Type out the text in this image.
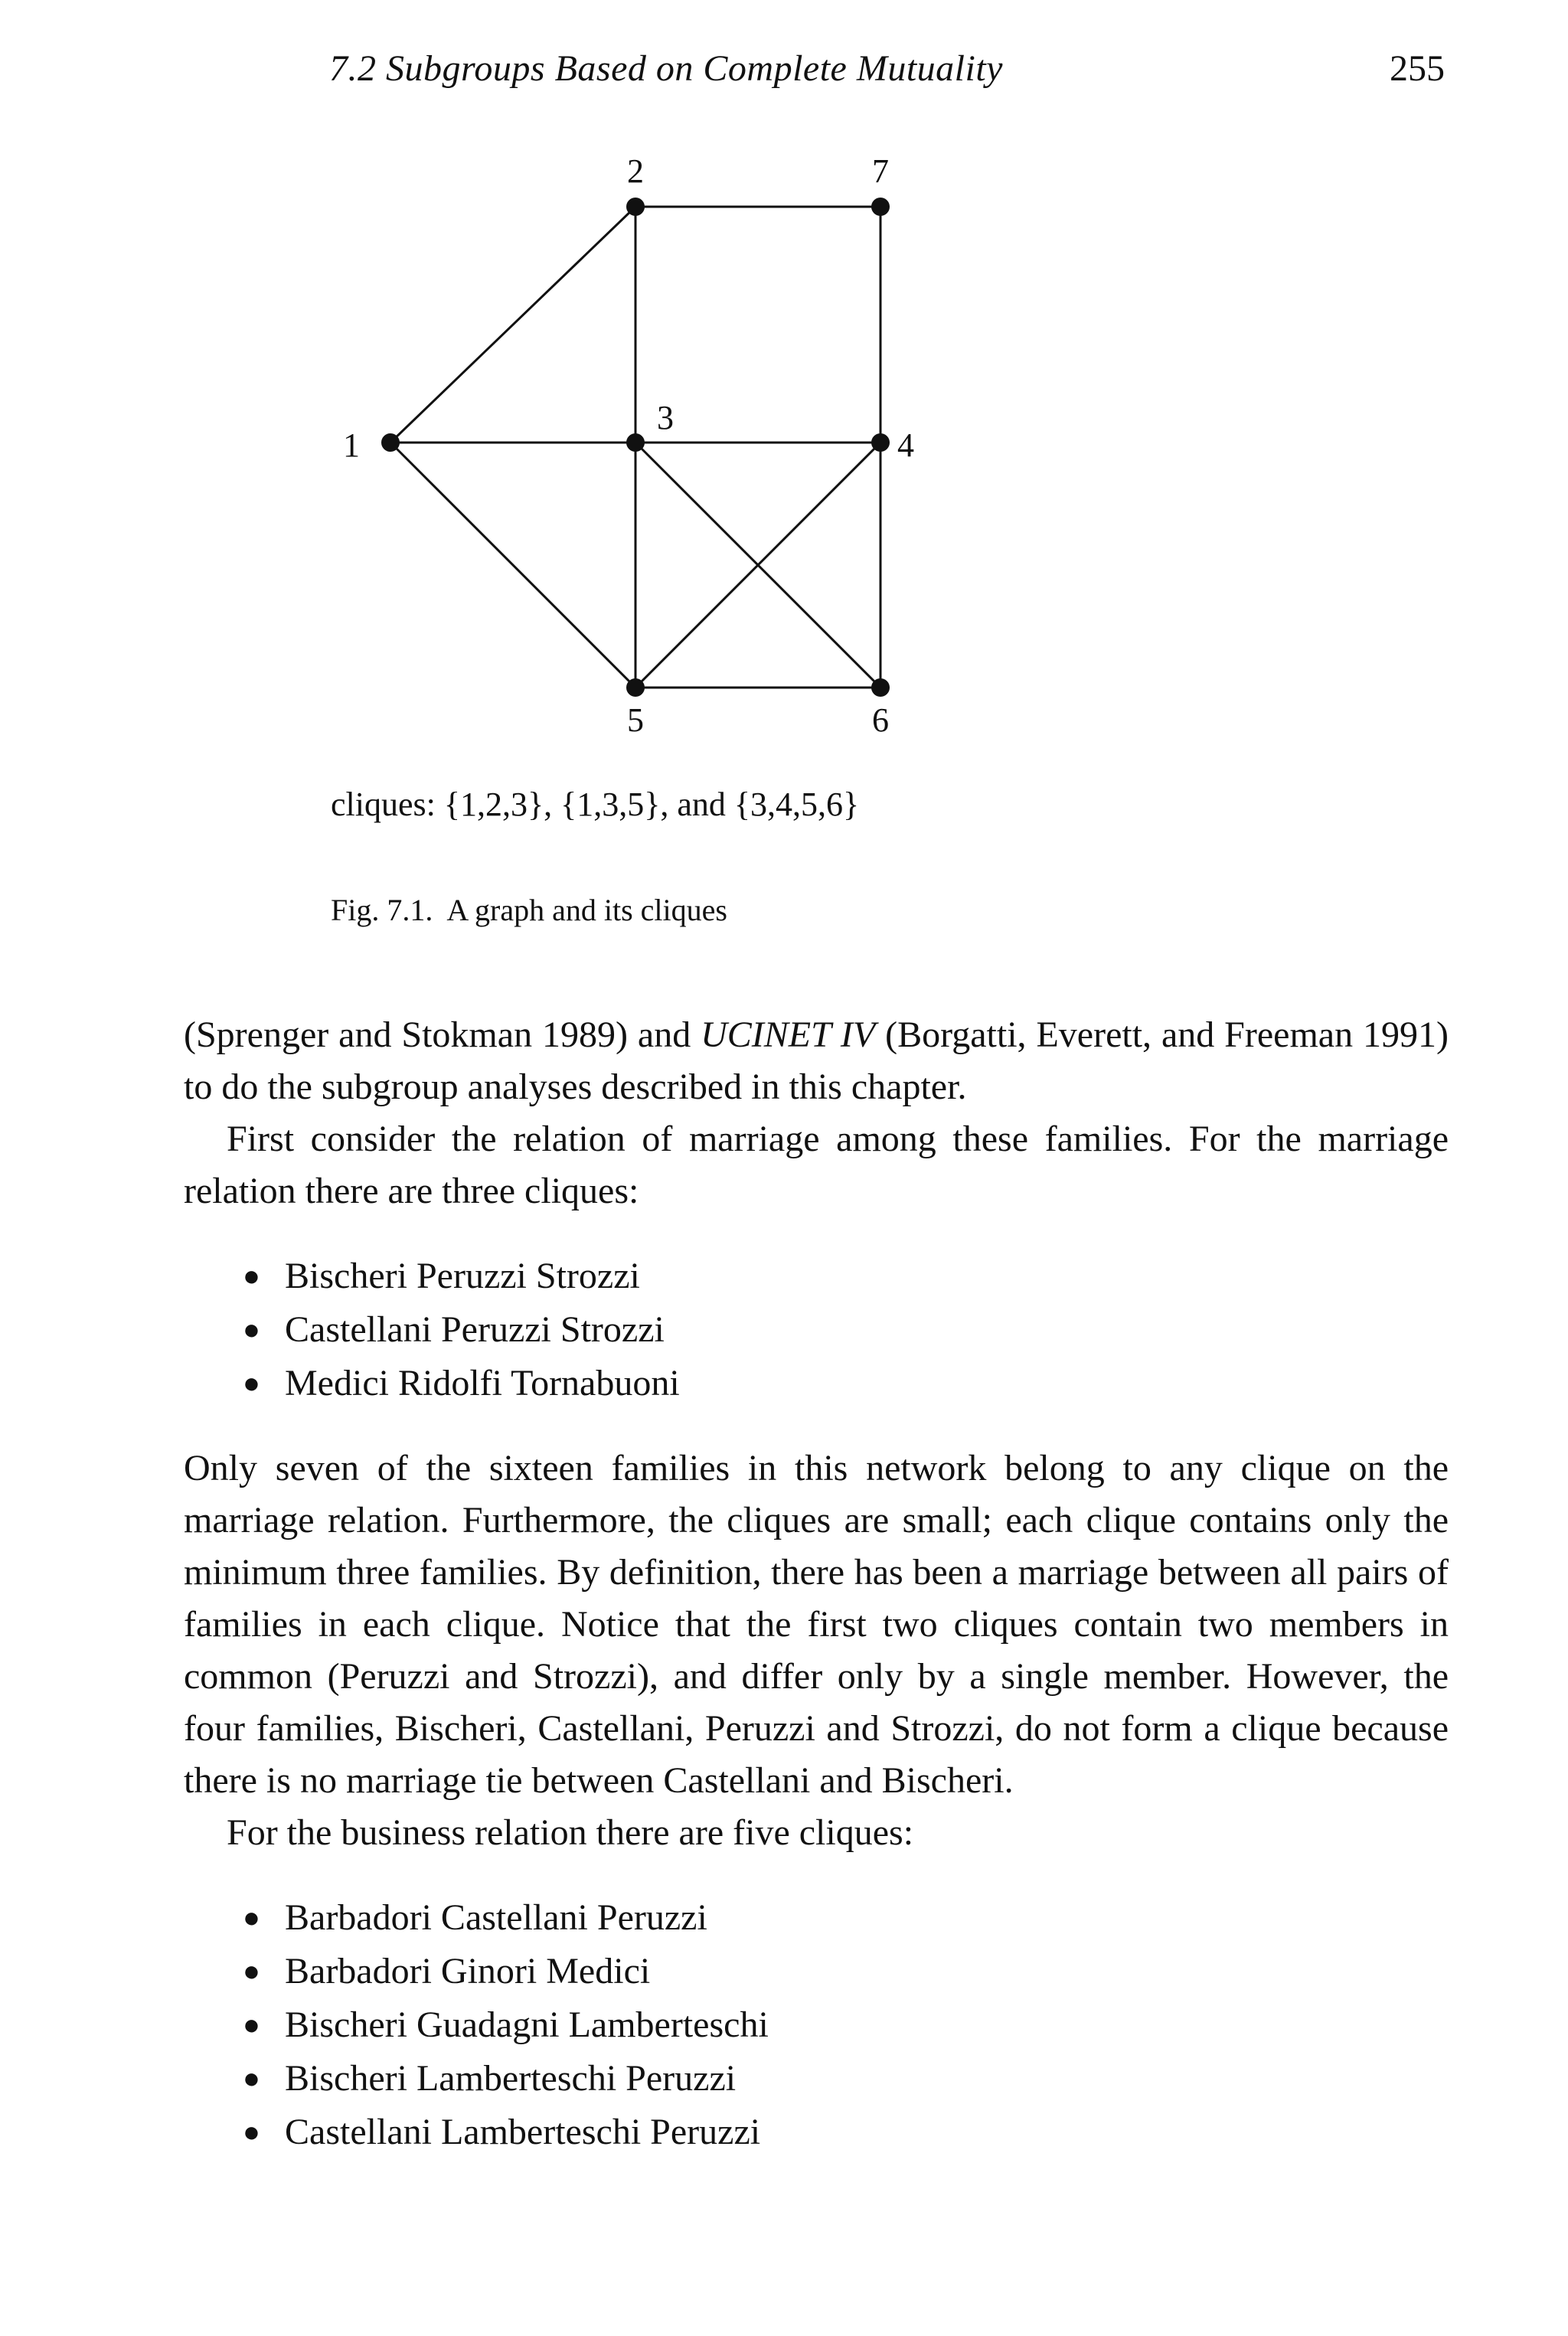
7.2 Subgroups Based on Complete Mutuality	255
1
2
3
4
5	6
7
cliques: {1,2,3}, {1,3,5}, and {3,4,5,6}
Fig. 7.1. A graph and its cliques

(Sprenger and Stokman 1989) and UCINET IV (Borgatti, Everett, and Freeman 1991) to do the subgroup analyses described in this chapter.

First consider the relation of marriage among these families. For the marriage relation there are three cliques:

● Bischeri Peruzzi Strozzi
● Castellani Peruzzi Strozzi
● Medici Ridolfi Tornabuoni

Only seven of the sixteen families in this network belong to any clique on the marriage relation. Furthermore, the cliques are small; each clique contains only the minimum three families. By definition, there has been a marriage between all pairs of families in each clique. Notice that the first two cliques contain two members in common (Peruzzi and Strozzi), and differ only by a single member. However, the four families, Bischeri, Castellani, Peruzzi and Strozzi, do not form a clique because there is no marriage tie between Castellani and Bischeri.

For the business relation there are five cliques:

● Barbadori Castellani Peruzzi
● Barbadori Ginori Medici
● Bischeri Guadagni Lamberteschi
● Bischeri Lamberteschi Peruzzi
● Castellani Lamberteschi Peruzzi
